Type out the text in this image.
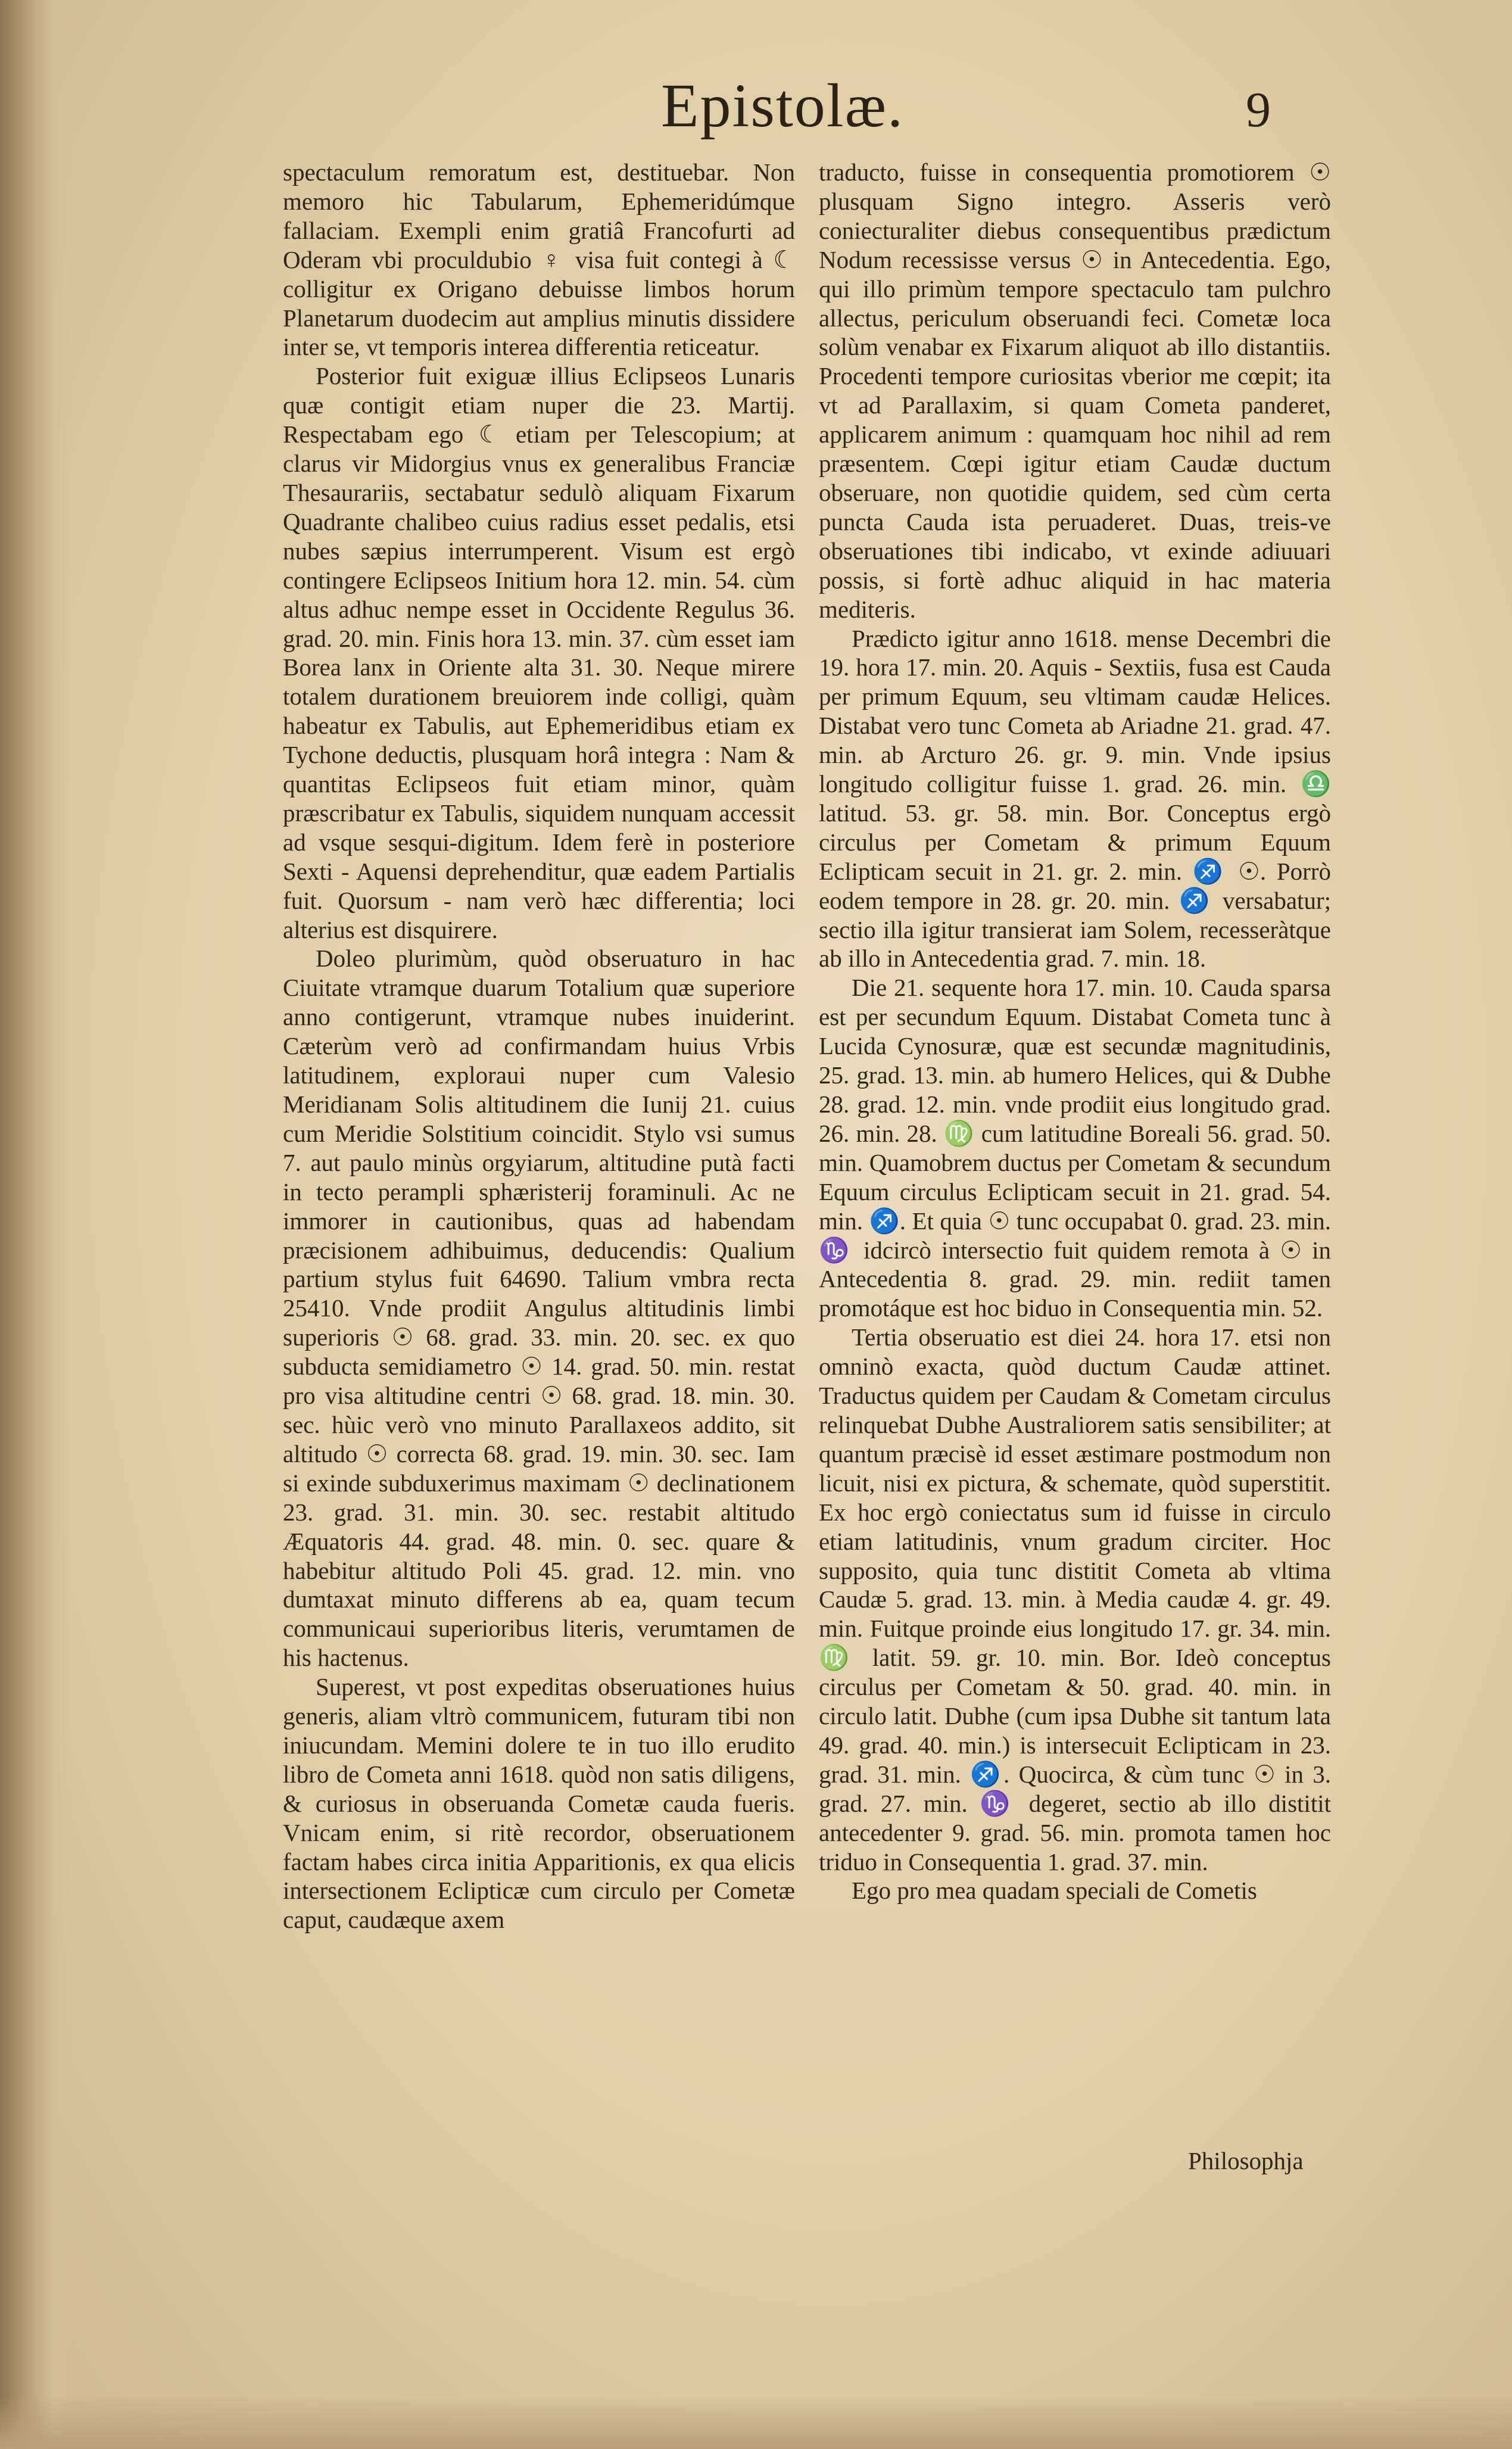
Epistolæ.	9

spectaculum remoratum est, destituebar. Non memoro hic Tabularum, Ephemeridúmque fallaciam. Exempli enim gratiâ Francofurti ad Oderam vbi proculdubio ♀ visa fuit contegi à ☾ colligitur ex Origano debuisse limbos horum Planetarum duodecim aut amplius minutis dissidere inter se, vt temporis interea differentia reticeatur.

Posterior fuit exiguæ illius Eclipseos Lunaris quæ contigit etiam nuper die 23. Martij. Respectabam ego ☾ etiam per Telescopium; at clarus vir Midorgius vnus ex generalibus Franciæ Thesaurariis, sectabatur sedulò aliquam Fixarum Quadrante chalibeo cuius radius esset pedalis, etsi nubes sæpius interrumperent. Visum est ergò contingere Eclipseos Initium hora 12. min. 54. cùm altus adhuc nempe esset in Occidente Regulus 36. grad. 20. min. Finis hora 13. min. 37. cùm esset iam Borea lanx in Oriente alta 31. 30. Neque mirere totalem durationem breuiorem inde colligi, quàm habeatur ex Tabulis, aut Ephemeridibus etiam ex Tychone deductis, plusquam horâ integra : Nam & quantitas Eclipseos fuit etiam minor, quàm præscribatur ex Tabulis, siquidem nunquam accessit ad vsque sesqui-digitum. Idem ferè in posteriore Sexti - Aquensi deprehenditur, quæ eadem Partialis fuit. Quorsum - nam verò hæc differentia; loci alterius est disquirere.

Doleo plurimùm, quòd obseruaturo in hac Ciuitate vtramque duarum Totalium quæ superiore anno contigerunt, vtramque nubes inuiderint. Cæterùm verò ad confirmandam huius Vrbis latitudinem, exploraui nuper cum Valesio Meridianam Solis altitudinem die Iunij 21. cuius cum Meridie Solstitium coincidit. Stylo vsi sumus 7. aut paulo minùs orgyiarum, altitudine putà facti in tecto perampli sphæristerij foraminuli. Ac ne immorer in cautionibus, quas ad habendam præcisionem adhibuimus, deducendis: Qualium partium stylus fuit 64690. Talium vmbra recta 25410. Vnde prodiit Angulus altitudinis limbi superioris ☉ 68. grad. 33. min. 20. sec. ex quo subducta semidiametro ☉ 14. grad. 50. min. restat pro visa altitudine centri ☉ 68. grad. 18. min. 30. sec. hùic verò vno minuto Parallaxeos addito, sit altitudo ☉ correcta 68. grad. 19. min. 30. sec. Iam si exinde subduxerimus maximam ☉ declinationem 23. grad. 31. min. 30. sec. restabit altitudo Æquatoris 44. grad. 48. min. 0. sec. quare & habebitur altitudo Poli 45. grad. 12. min. vno dumtaxat minuto differens ab ea, quam tecum communicaui superioribus literis, verumtamen de his hactenus.

Superest, vt post expeditas obseruationes huius generis, aliam vltrò communicem, futuram tibi non iniucundam. Memini dolere te in tuo illo erudito libro de Cometa anni 1618. quòd non satis diligens, & curiosus in obseruanda Cometæ cauda fueris. Vnicam enim, si ritè recordor, obseruationem factam habes circa initia Apparitionis, ex qua elicis intersectionem Eclipticæ cum circulo per Cometæ caput, caudæque axem

traducto, fuisse in consequentia promotiorem ☉ plusquam Signo integro. Asseris verò coniecturaliter diebus consequentibus prædictum Nodum recessisse versus ☉ in Antecedentia. Ego, qui illo primùm tempore spectaculo tam pulchro allectus, periculum obseruandi feci. Cometæ loca solùm venabar ex Fixarum aliquot ab illo distantiis. Procedenti tempore curiositas vberior me cœpit; ita vt ad Parallaxim, si quam Cometa panderet, applicarem animum : quamquam hoc nihil ad rem præsentem. Cœpi igitur etiam Caudæ ductum obseruare, non quotidie quidem, sed cùm certa puncta Cauda ista peruaderet. Duas, treis-ve obseruationes tibi indicabo, vt exinde adiuuari possis, si fortè adhuc aliquid in hac materia mediteris.

Prædicto igitur anno 1618. mense Decembri die 19. hora 17. min. 20. Aquis - Sextiis, fusa est Cauda per primum Equum, seu vltimam caudæ Helices. Distabat vero tunc Cometa ab Ariadne 21. grad. 47. min. ab Arcturo 26. gr. 9. min. Vnde ipsius longitudo colligitur fuisse 1. grad. 26. min. ♎ latitud. 53. gr. 58. min. Bor. Conceptus ergò circulus per Cometam & primum Equum Eclipticam secuit in 21. gr. 2. min. ♐ ☉. Porrò eodem tempore in 28. gr. 20. min. ♐ versabatur; sectio illa igitur transierat iam Solem, recesseràtque ab illo in Antecedentia grad. 7. min. 18.

Die 21. sequente hora 17. min. 10. Cauda sparsa est per secundum Equum. Distabat Cometa tunc à Lucida Cynosuræ, quæ est secundæ magnitudinis, 25. grad. 13. min. ab humero Helices, qui & Dubhe 28. grad. 12. min. vnde prodiit eius longitudo grad. 26. min. 28. ♍ cum latitudine Boreali 56. grad. 50. min. Quamobrem ductus per Cometam & secundum Equum circulus Eclipticam secuit in 21. grad. 54. min. ♐. Et quia ☉ tunc occupabat 0. grad. 23. min. ♑ idcircò intersectio fuit quidem remota à ☉ in Antecedentia 8. grad. 29. min. rediit tamen promotáque est hoc biduo in Consequentia min. 52.

Tertia obseruatio est diei 24. hora 17. etsi non omninò exacta, quòd ductum Caudæ attinet. Traductus quidem per Caudam & Cometam circulus relinquebat Dubhe Australiorem satis sensibiliter; at quantum præcisè id esset æstimare postmodum non licuit, nisi ex pictura, & schemate, quòd superstitit. Ex hoc ergò coniectatus sum id fuisse in circulo etiam latitudinis, vnum gradum circiter. Hoc supposito, quia tunc distitit Cometa ab vltima Caudæ 5. grad. 13. min. à Media caudæ 4. gr. 49. min. Fuitque proinde eius longitudo 17. gr. 34. min. ♍ latit. 59. gr. 10. min. Bor. Ideò conceptus circulus per Cometam & 50. grad. 40. min. in circulo latit. Dubhe (cum ipsa Dubhe sit tantum lata 49. grad. 40. min.) is intersecuit Eclipticam in 23. grad. 31. min. ♐. Quocirca, & cùm tunc ☉ in 3. grad. 27. min. ♑ degeret, sectio ab illo distitit antecedenter 9. grad. 56. min. promota tamen hoc triduo in Consequentia 1. grad. 37. min.

Ego pro mea quadam speciali de Cometis

Philosophja
